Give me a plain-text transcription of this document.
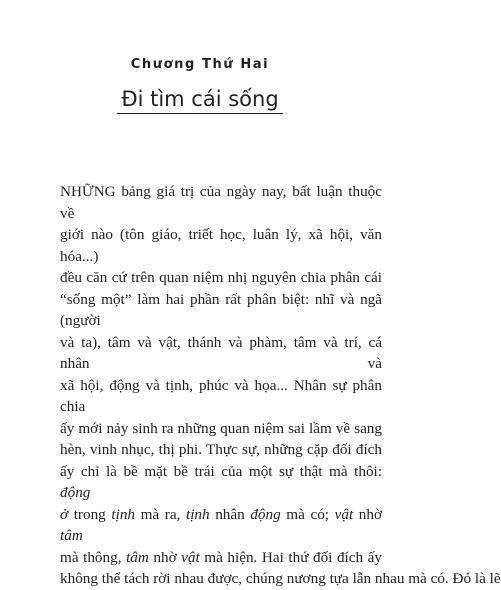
Chương Thứ Hai
Đi tìm cái sống
NHỮNG bảng giá trị của ngày nay, bất luận thuộc về
giới nào (tôn giáo, triết học, luân lý, xã hội, văn hóa...)
đều căn cứ trên quan niệm nhị nguyên chia phân cái
“sống một” làm hai phần rất phân biệt: nhĩ và ngã (người
và ta), tâm và vật, thánh và phàm, tâm và trí, cá nhân và
xã hội, động và tịnh, phúc và họa... Nhân sự phân chia
ấy mới nảy sinh ra những quan niệm sai lầm về sang
hèn, vinh nhục, thị phi. Thực sự, những cặp đối đích
ấy chỉ là bề mặt bề trái của một sự thật mà thôi: động
ở trong tịnh mà ra, tịnh nhân động mà có; vật nhờ tâm
mà thông, tâm nhờ vật mà hiện. Hai thứ đối đích ấy
không thể tách rời nhau được, chúng nương tựa lẫn nhau mà có. Đó là lẽ
